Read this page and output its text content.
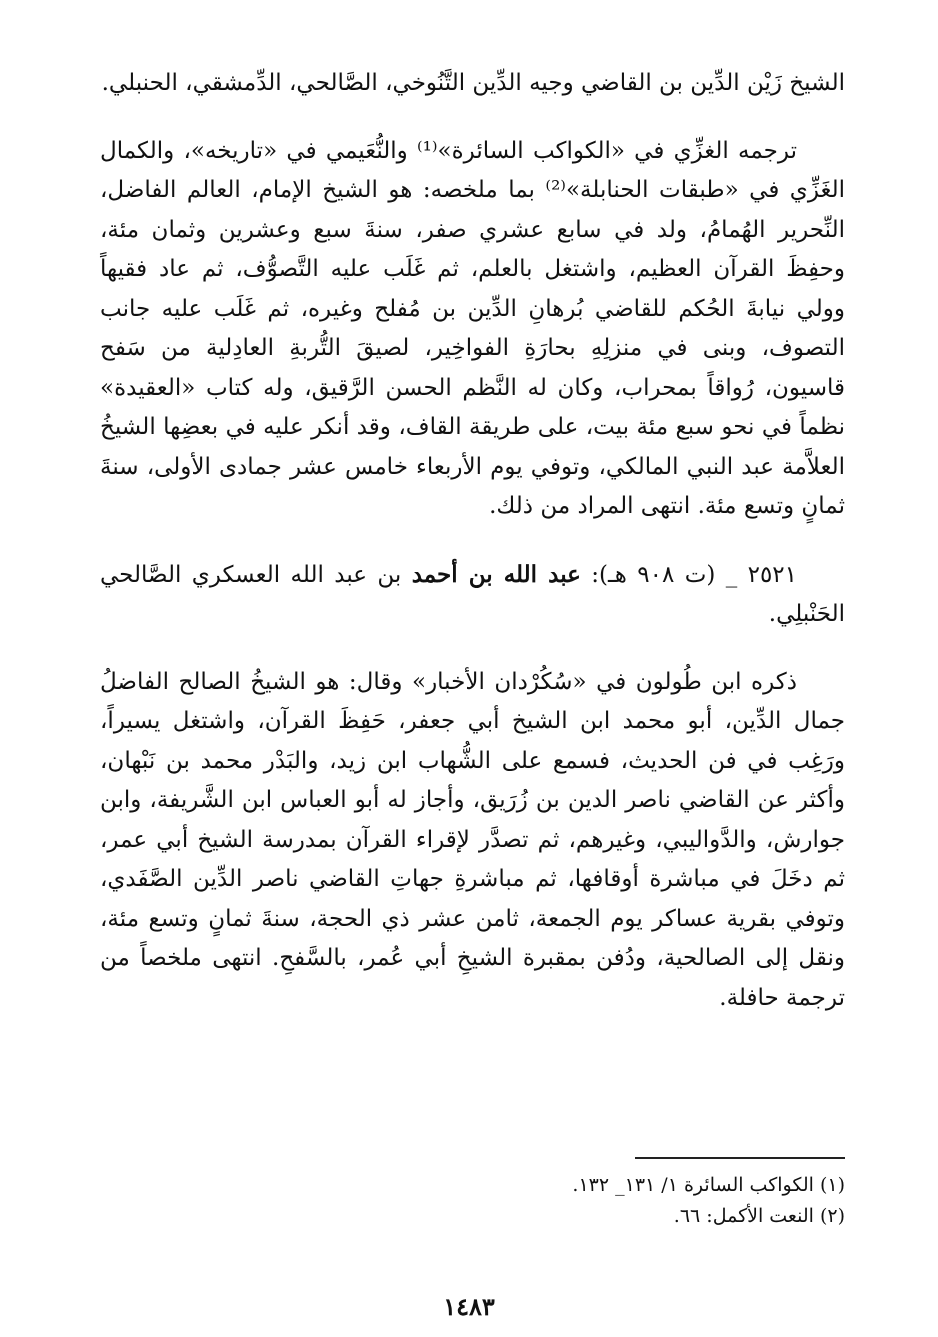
الشيخ زَيْن الدِّين بن القاضي وجيه الدِّين التَّنُوخي، الصَّالحي، الدِّمشقي، الحنبلي.

ترجمه الغزِّي في «الكواكب السائرة»⁽¹⁾ والنُّعَيمي في «تاريخه»، والكمال الغَزِّي في «طبقات الحنابلة»⁽²⁾ بما ملخصه: هو الشيخ الإمام، العالم الفاضل، النِّحرير الهُمامُ، ولد في سابع عشري صفر، سنةَ سبع وعشرين وثمان مئة، وحفِظَ القرآن العظيم، واشتغل بالعلم، ثم غَلَب عليه التَّصوُّف، ثم عاد فقيهاً وولي نيابةَ الحُكم للقاضي بُرهانِ الدِّين بن مُفلح وغيره، ثم غَلَب عليه جانب التصوف، وبنى في منزلِهِ بحارَةِ الفواخِير، لصيقَ التُّربةِ العادِلية من سَفح قاسيون، رُواقاً بمحراب، وكان له النَّظم الحسن الرَّقيق، وله كتاب «العقيدة» نظماً في نحو سبع مئة بيت، على طريقة القاف، وقد أنكر عليه في بعضِها الشيخُ العلاَّمة عبد النبي المالكي، وتوفي يوم الأربعاء خامس عشر جمادى الأولى، سنةَ ثمانٍ وتسع مئة. انتهى المراد من ذلك.

٢٥٢١ _ (ت ٩٠٨ هـ): عبد الله بن أحمد بن عبد الله العسكري الصَّالحي الحَنْبلِي.

ذكره ابن طُولون في «سُكُرْدان الأخبار» وقال: هو الشيخُ الصالح الفاضلُ جمال الدِّين، أبو محمد ابن الشيخ أبي جعفر، حَفِظَ القرآن، واشتغل يسيراً، ورَغِب في فن الحديث، فسمع على الشُّهاب ابن زيد، والبَدْر محمد بن نَبْهان، وأكثر عن القاضي ناصر الدين بن زُرَيق، وأجاز له أبو العباس ابن الشَّريفة، وابن جوارش، والدَّواليبي، وغيرهم، ثم تصدَّر لإقراء القرآن بمدرسة الشيخ أبي عمر، ثم دخَلَ في مباشرة أوقافها، ثم مباشرةِ جهاتِ القاضي ناصر الدِّين الصَّفَدي، وتوفي بقرية عساكر يوم الجمعة، ثامن عشر ذي الحجة، سنةَ ثمانٍ وتسع مئة، ونقل إلى الصالحية، ودُفن بمقبرة الشيخِ أبي عُمر، بالسَّفحِ. انتهى ملخصاً من ترجمة حافلة.

(١) الكواكب السائرة ١/ ١٣١_ ١٣٢.

(٢) النعت الأكمل: ٦٦.

١٤٨٣
